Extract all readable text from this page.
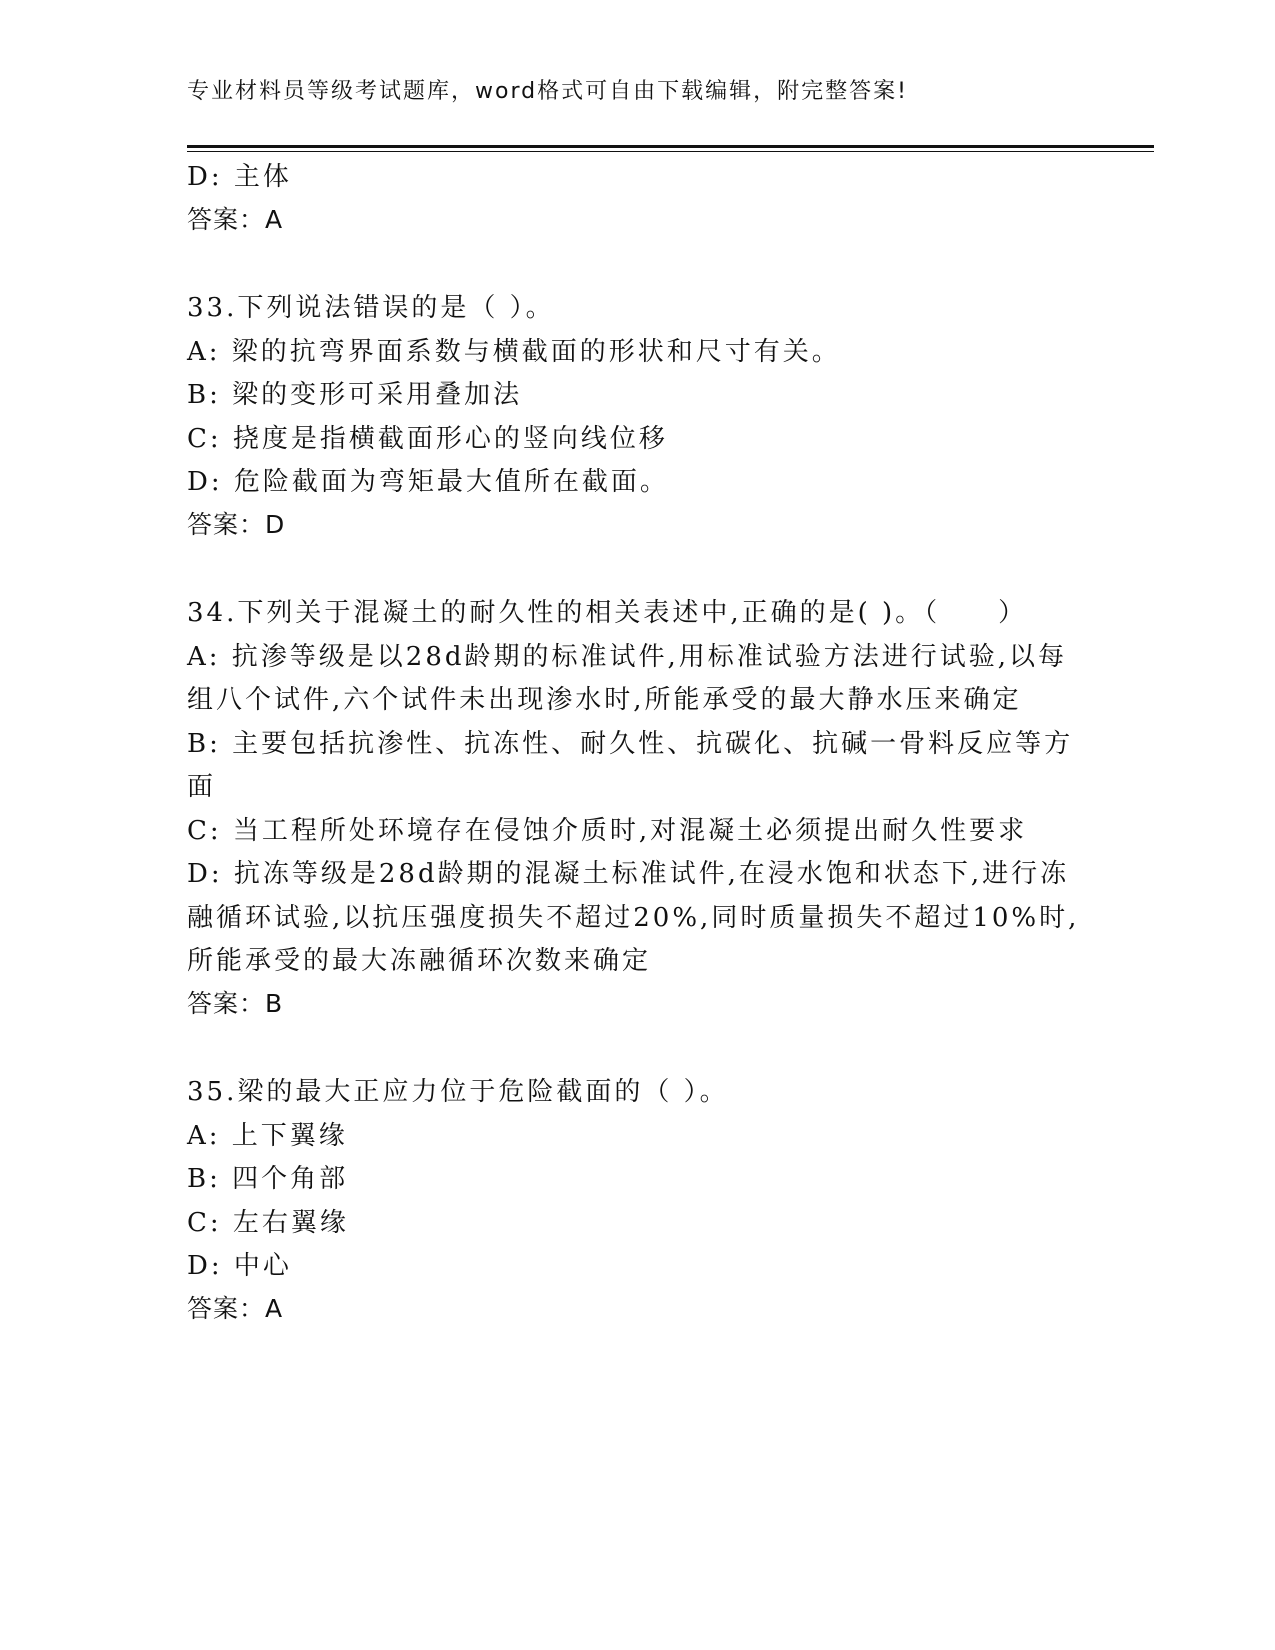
专业材料员等级考试题库，word格式可自由下载编辑，附完整答案!
D: 主体
答案：A
33.下列说法错误的是（ ）。
A: 梁的抗弯界面系数与横截面的形状和尺寸有关。
B: 梁的变形可采用叠加法
C: 挠度是指横截面形心的竖向线位移
D: 危险截面为弯矩最大值所在截面。
答案：D
34.下列关于混凝土的耐久性的相关表述中,正确的是( )。（　　）
A: 抗渗等级是以28d龄期的标准试件,用标准试验方法进行试验,以每
组八个试件,六个试件未出现渗水时,所能承受的最大静水压来确定
B: 主要包括抗渗性、抗冻性、耐久性、抗碳化、抗碱一骨料反应等方
面
C: 当工程所处环境存在侵蚀介质时,对混凝土必须提出耐久性要求
D: 抗冻等级是28d龄期的混凝土标准试件,在浸水饱和状态下,进行冻
融循环试验,以抗压强度损失不超过20%,同时质量损失不超过10%时,
所能承受的最大冻融循环次数来确定
答案：B
35.梁的最大正应力位于危险截面的（ ）。
A: 上下翼缘
B: 四个角部
C: 左右翼缘
D: 中心
答案：A
